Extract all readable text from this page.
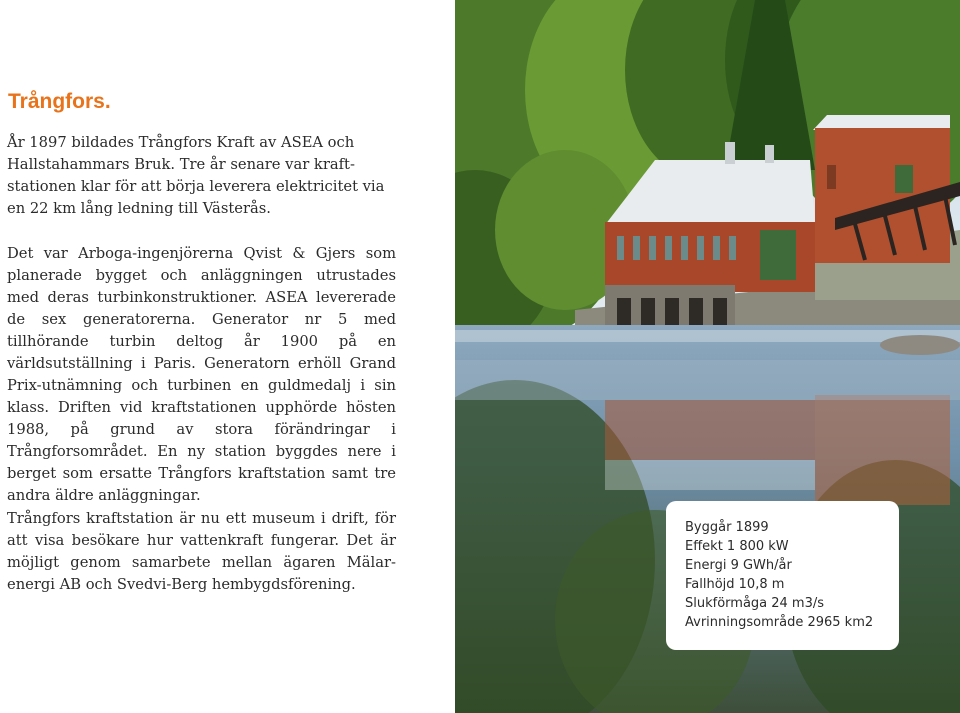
Trångfors.

År 1897 bildades Trångfors Kraft av ASEA och Hallstahammars Bruk. Tre år senare var kraftstationen klar för att börja leverera elektricitet via en 22 km lång ledning till Västerås.

Det var Arboga-ingenjörerna Qvist & Gjers som planerade bygget och anläggningen utrustades med deras turbinkonstruktioner. ASEA levererade de sex generatorerna. Generator nr 5 med tillhörande turbin deltog år 1900 på en världsutställning i Paris. Generatorn erhöll Grand Prix-utnämning och turbinen en guldmedalj i sin klass. Driften vid kraftstationen upphörde hösten 1988, på grund av stora förändringar i Trångforsområdet. En ny station byggdes nere i berget som ersatte Trångfors kraftstation samt tre andra äldre anläggningar.

Trångfors kraftstation är nu ett museum i drift, för att visa besökare hur vattenkraft fungerar. Det är möjligt genom samarbete mellan ägaren Mälarenergi AB och Svedvi-Berg hembygdsförening.

Byggår 1899
Effekt 1 800 kW
Energi 9 GWh/år
Fallhöjd 10,8 m
Slukförmåga 24 m3/s
Avrinningsområde 2965 km2
